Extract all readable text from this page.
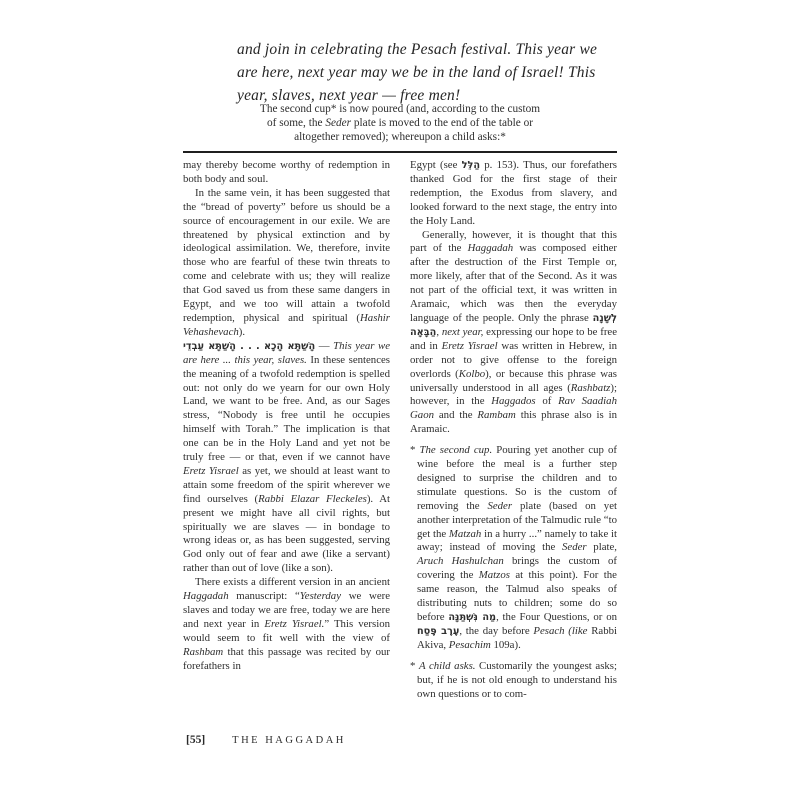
and join in celebrating the Pesach festival. This year we
are here, next year may we be in the land of Israel! This
year, slaves, next year — free men!
The second cup* is now poured (and, according to the custom
of some, the Seder plate is moved to the end of the table or
altogether removed); whereupon a child asks:*
may thereby become worthy of redemption in both body and soul.
In the same vein, it has been suggested that the “bread of poverty” before us should be a source of encouragement in our exile. We are threatened by physical extinction and by ideological assimilation. We, therefore, invite those who are fearful of these twin threats to come and celebrate with us; they will realize that God saved us from these same dangers in Egypt, and we too will attain a twofold redemption, physical and spiritual (Hashir Vehashevach).
הָשַׁתָּא הָכָא . . . הָשַׁתָּא עַבְדֵי — This year we are here ... this year, slaves. In these sentences the meaning of a twofold redemption is spelled out: not only do we yearn for our own Holy Land, we want to be free. And, as our Sages stress, “Nobody is free until he occupies himself with Torah.” The implication is that one can be in the Holy Land and yet not be truly free — or that, even if we cannot have Eretz Yisrael as yet, we should at least want to attain some freedom of the spirit wherever we find ourselves (Rabbi Elazar Fleckeles). At present we might have all civil rights, but spiritually we are slaves — in bondage to wrong ideas or, as has been suggested, serving God only out of fear and awe (like a servant) rather than out of love (like a son).
There exists a different version in an ancient Haggadah manuscript: “Yesterday we were slaves and today we are free, today we are here and next year in Eretz Yisrael.” This version would seem to fit well with the view of Rashbam that this passage was recited by our forefathers in
Egypt (see הַלֵּל p. 153). Thus, our forefathers thanked God for the first stage of their redemption, the Exodus from slavery, and looked forward to the next stage, the entry into the Holy Land.
Generally, however, it is thought that this part of the Haggadah was composed either after the destruction of the First Temple or, more likely, after that of the Second. As it was not part of the official text, it was written in Aramaic, which was then the everyday language of the people. Only the phrase לְשָׁנָה הַבָּאָה, next year, expressing our hope to be free and in Eretz Yisrael was written in Hebrew, in order not to give offense to the foreign overlords (Kolbo), or because this phrase was universally understood in all ages (Rashbatz); however, in the Haggados of Rav Saadiah Gaon and the Rambam this phrase also is in Aramaic.
* The second cup. Pouring yet another cup of wine before the meal is a further step designed to surprise the children and to stimulate questions. So is the custom of removing the Seder plate (based on yet another interpretation of the Talmudic rule “to get the Matzah in a hurry ...” namely to take it away; instead of moving the Seder plate, Aruch Hashulchan brings the custom of covering the Matzos at this point). For the same reason, the Talmud also speaks of distributing nuts to children; some do so before מַה נִּשְׁתַּנָּה, the Four Questions, or on עֶרֶב פֶּסַח, the day before Pesach (like Rabbi Akiva, Pesachim 109a).
* A child asks. Customarily the youngest asks; but, if he is not old enough to understand his own questions or to com-
[55]	THE HAGGADAH
